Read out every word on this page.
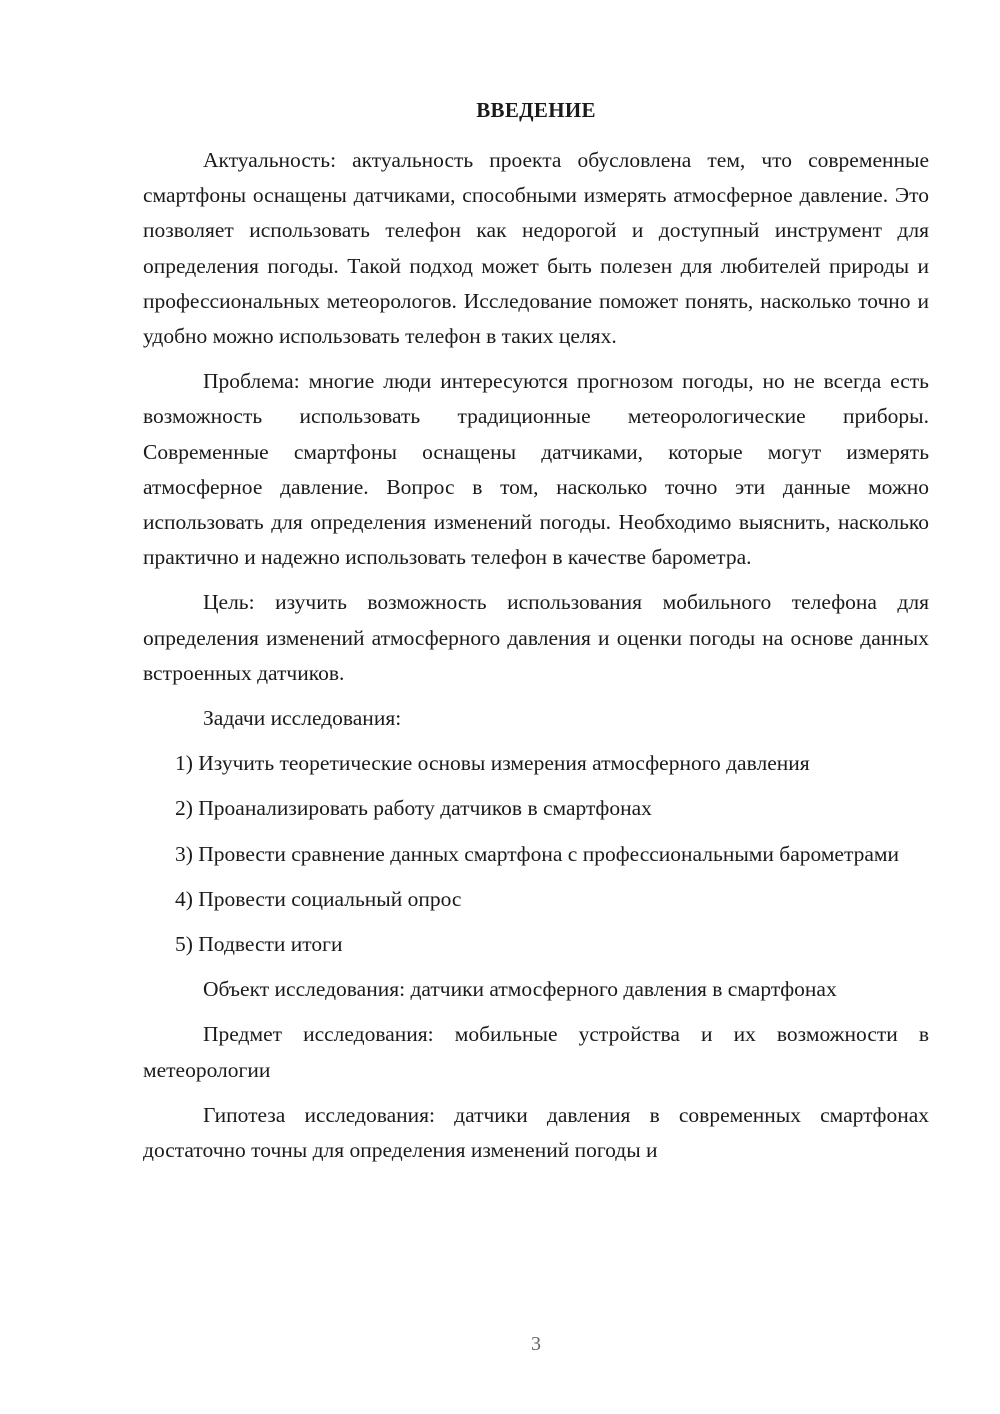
ВВЕДЕНИЕ

Актуальность: актуальность проекта обусловлена тем, что современные смартфоны оснащены датчиками, способными измерять атмосферное давление. Это позволяет использовать телефон как недорогой и доступный инструмент для определения погоды. Такой подход может быть полезен для любителей природы и профессиональных метеорологов. Исследование поможет понять, насколько точно и удобно можно использовать телефон в таких целях.

Проблема: многие люди интересуются прогнозом погоды, но не всегда есть возможность использовать традиционные метеорологические приборы. Современные смартфоны оснащены датчиками, которые могут измерять атмосферное давление. Вопрос в том, насколько точно эти данные можно использовать для определения изменений погоды. Необходимо выяснить, насколько практично и надежно использовать телефон в качестве барометра.

Цель: изучить возможность использования мобильного телефона для определения изменений атмосферного давления и оценки погоды на основе данных встроенных датчиков.

Задачи исследования:

1) Изучить теоретические основы измерения атмосферного давления

2) Проанализировать работу датчиков в смартфонах

3) Провести сравнение данных смартфона с профессиональными барометрами

4) Провести социальный опрос

5) Подвести итоги

Объект исследования: датчики атмосферного давления в смартфонах

Предмет исследования: мобильные устройства и их возможности в метеорологии

Гипотеза исследования: датчики давления в современных смартфонах достаточно точны для определения изменений погоды и

3
